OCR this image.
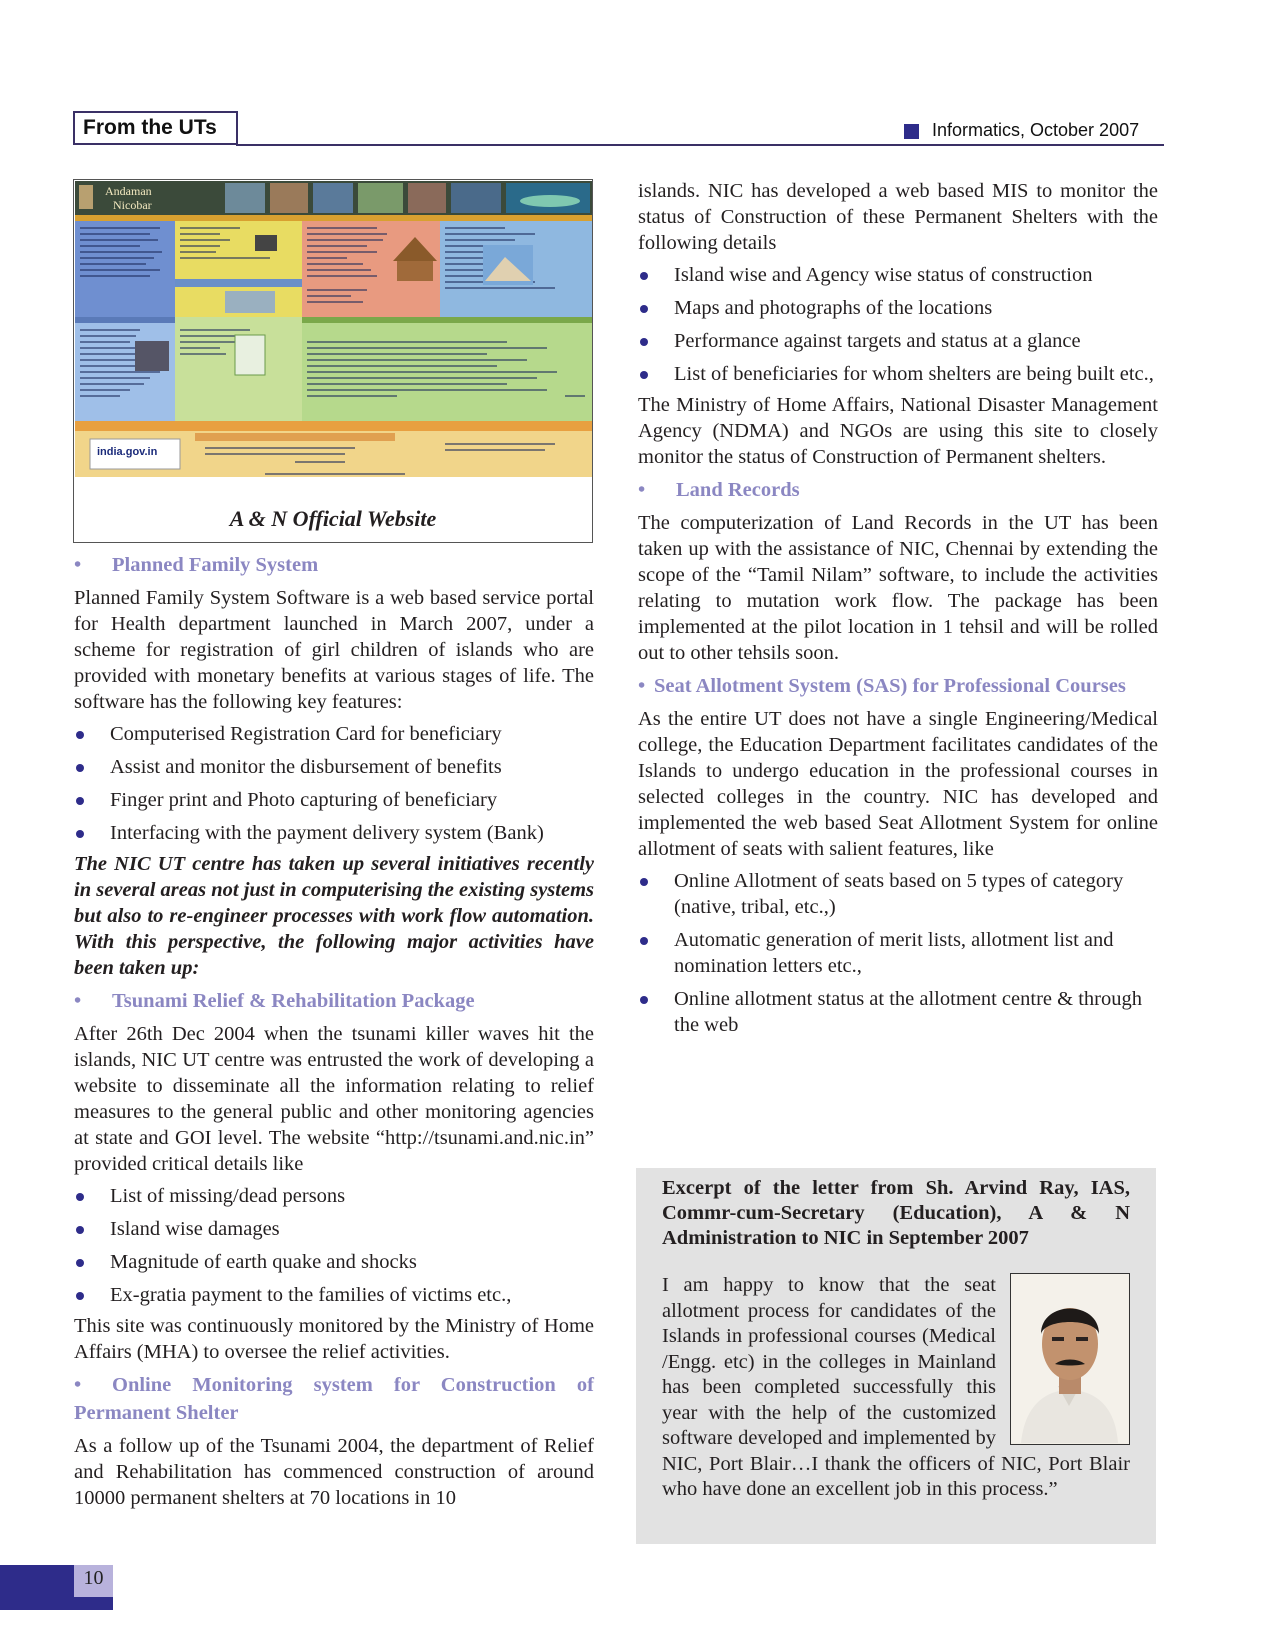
From the UTs	Informatics, October 2007
Andaman
Nicobar
india.gov.in
A & N Official Website

• Planned Family System

Planned Family System Software is a web based service portal for Health department launched in March 2007, under a scheme for registration of girl children of islands who are provided with monetary benefits at various stages of life. The software has the following key features:

Computerised Registration Card for beneficiary
Assist and monitor the disbursement of benefits
Finger print and Photo capturing of beneficiary
Interfacing with the payment delivery system (Bank)

The NIC UT centre has taken up several initiatives recently in several areas not just in computerising the existing systems but also to re-engineer processes with work flow automation. With this perspective, the following major activities have been taken up:

• Tsunami Relief & Rehabilitation Package

After 26th Dec 2004 when the tsunami killer waves hit the islands, NIC UT centre was entrusted the work of developing a website to disseminate all the information relating to relief measures to the general public and other monitoring agencies at state and GOI level. The website “http://tsunami.and.nic.in” provided critical details like

List of missing/dead persons
Island wise damages
Magnitude of earth quake and shocks
Ex-gratia payment to the families of victims etc.,

This site was continuously monitored by the Ministry of Home Affairs (MHA) to oversee the relief activities.

• Online Monitoring system for Construction of Permanent Shelter

As a follow up of the Tsunami 2004, the department of Relief and Rehabilitation has commenced construction of around 10000 permanent shelters at 70 locations in 10

islands. NIC has developed a web based MIS to monitor the status of Construction of these Permanent Shelters with the following details

Island wise and Agency wise status of construction
Maps and photographs of the locations
Performance against targets and status at a glance
List of beneficiaries for whom shelters are being built etc.,

The Ministry of Home Affairs, National Disaster Management Agency (NDMA) and NGOs are using this site to closely monitor the status of Construction of Permanent shelters.

• Land Records

The computerization of Land Records in the UT has been taken up with the assistance of NIC, Chennai by extending the scope of the “Tamil Nilam” software, to include the activities relating to mutation work flow. The package has been implemented at the pilot location in 1 tehsil and will be rolled out to other tehsils soon.

• Seat Allotment System (SAS) for Professional Courses

As the entire UT does not have a single Engineering/Medical college, the Education Department facilitates candidates of the Islands to undergo education in the professional courses in selected colleges in the country. NIC has developed and implemented the web based Seat Allotment System for online allotment of seats with salient features, like

Online Allotment of seats based on 5 types of category (native, tribal, etc.,)
Automatic generation of merit lists, allotment list and nomination letters etc.,
Online allotment status at the allotment centre & through the web

Excerpt of the letter from Sh. Arvind Ray, IAS, Commr-cum-Secretary (Education), A & N Administration to NIC in September 2007

I am happy to know that the seat allotment process for candidates of the Islands in professional courses (Medical /Engg. etc) in the colleges in Mainland has been completed successfully this year with the help of the customized software developed and implemented by NIC, Port Blair…I thank the officers of NIC, Port Blair who have done an excellent job in this process.”
10
